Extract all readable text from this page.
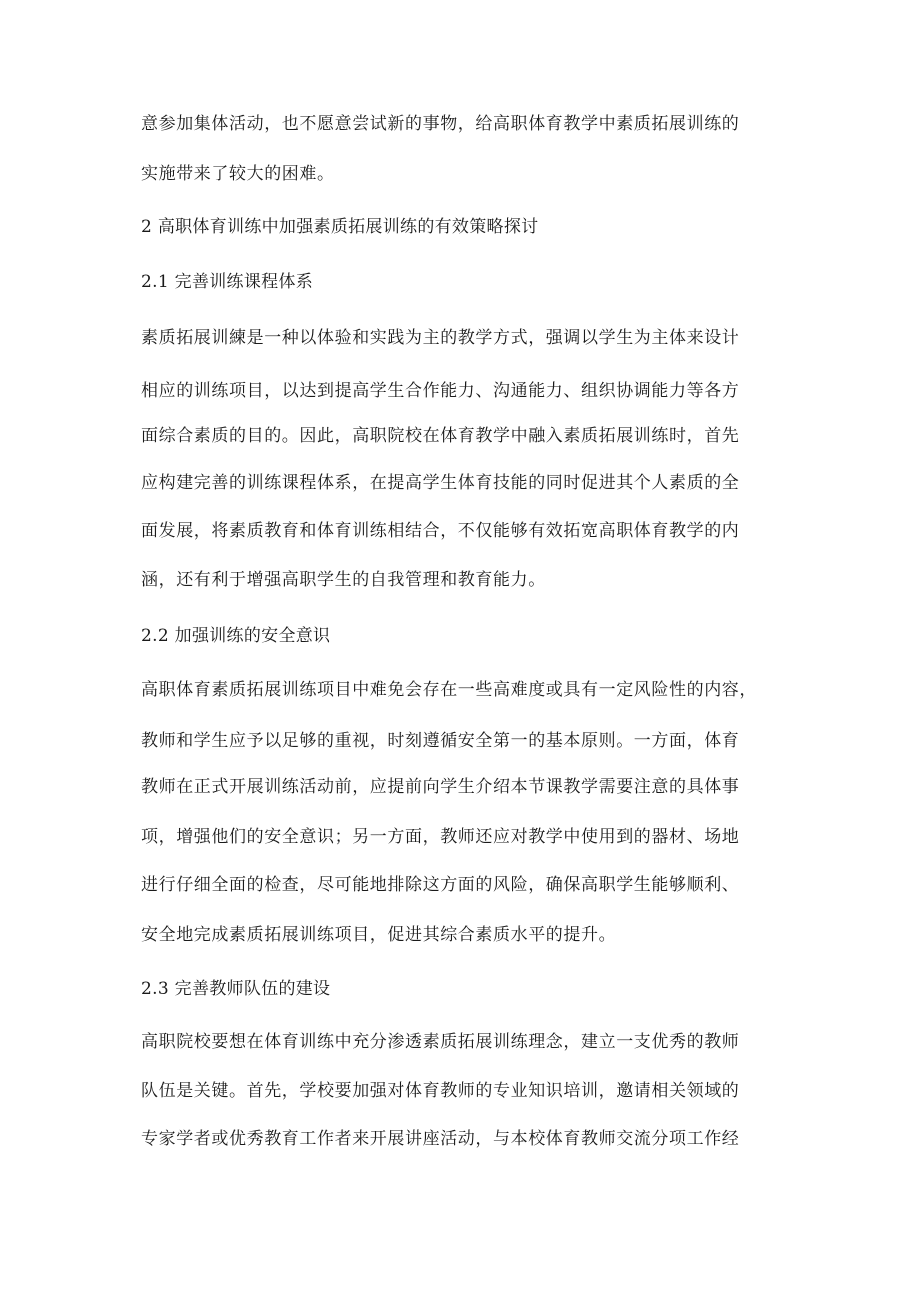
意参加集体活动，也不愿意尝试新的事物，给高职体育教学中素质拓展训练的
实施带来了较大的困难。
2 高职体育训练中加强素质拓展训练的有效策略探讨
2.1 完善训练课程体系
素质拓展训練是一种以体验和实践为主的教学方式，强调以学生为主体来设计
相应的训练项目，以达到提高学生合作能力、沟通能力、组织协调能力等各方
面综合素质的目的。因此，高职院校在体育教学中融入素质拓展训练时，首先
应构建完善的训练课程体系，在提高学生体育技能的同时促进其个人素质的全
面发展，将素质教育和体育训练相结合，不仅能够有效拓宽高职体育教学的内
涵，还有利于增强高职学生的自我管理和教育能力。
2.2 加强训练的安全意识
高职体育素质拓展训练项目中难免会存在一些高难度或具有一定风险性的内容，
教师和学生应予以足够的重视，时刻遵循安全第一的基本原则。一方面，体育
教师在正式开展训练活动前，应提前向学生介绍本节课教学需要注意的具体事
项，增强他们的安全意识；另一方面，教师还应对教学中使用到的器材、场地
进行仔细全面的检查，尽可能地排除这方面的风险，确保高职学生能够顺利、
安全地完成素质拓展训练项目，促进其综合素质水平的提升。
2.3 完善教师队伍的建设
高职院校要想在体育训练中充分渗透素质拓展训练理念，建立一支优秀的教师
队伍是关键。首先，学校要加强对体育教师的专业知识培训，邀请相关领域的
专家学者或优秀教育工作者来开展讲座活动，与本校体育教师交流分项工作经
